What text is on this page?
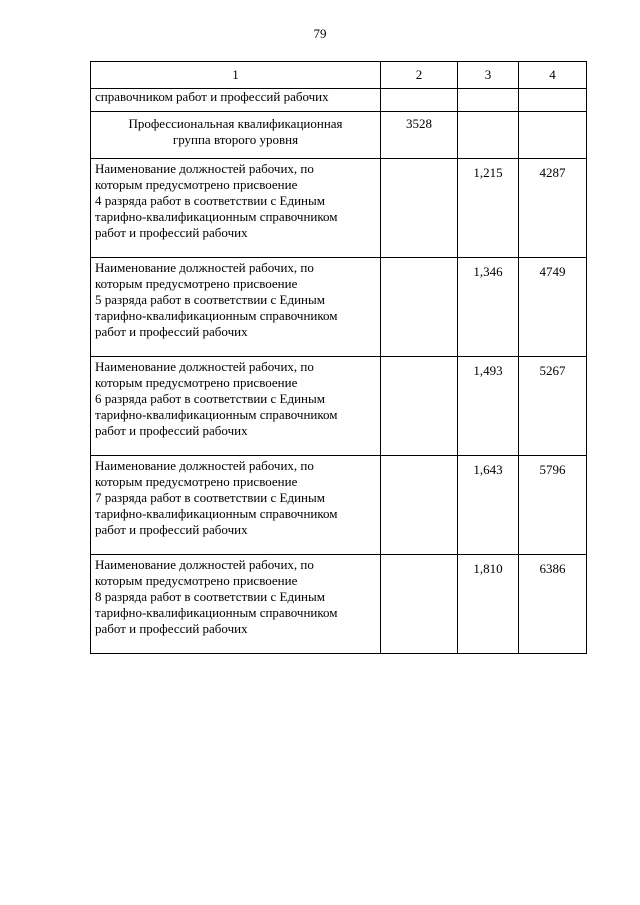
79
1	2	3	4
справочником работ и профессий рабочих			

Профессиональная квалификационная
группа второго уровня	3528		

Наименование должностей рабочих, по
которым предусмотрено присвоение
4 разряда работ в соответствии с Единым
тарифно-квалификационным справочником
работ и профессий рабочих		1,215	4287

Наименование должностей рабочих, по
которым предусмотрено присвоение
5 разряда работ в соответствии с Единым
тарифно-квалификационным справочником
работ и профессий рабочих		1,346	4749

Наименование должностей рабочих, по
которым предусмотрено присвоение
6 разряда работ в соответствии с Единым
тарифно-квалификационным справочником
работ и профессий рабочих		1,493	5267

Наименование должностей рабочих, по
которым предусмотрено присвоение
7 разряда работ в соответствии с Единым
тарифно-квалификационным справочником
работ и профессий рабочих		1,643	5796

Наименование должностей рабочих, по
которым предусмотрено присвоение
8 разряда работ в соответствии с Единым
тарифно-квалификационным справочником
работ и профессий рабочих		1,810	6386
